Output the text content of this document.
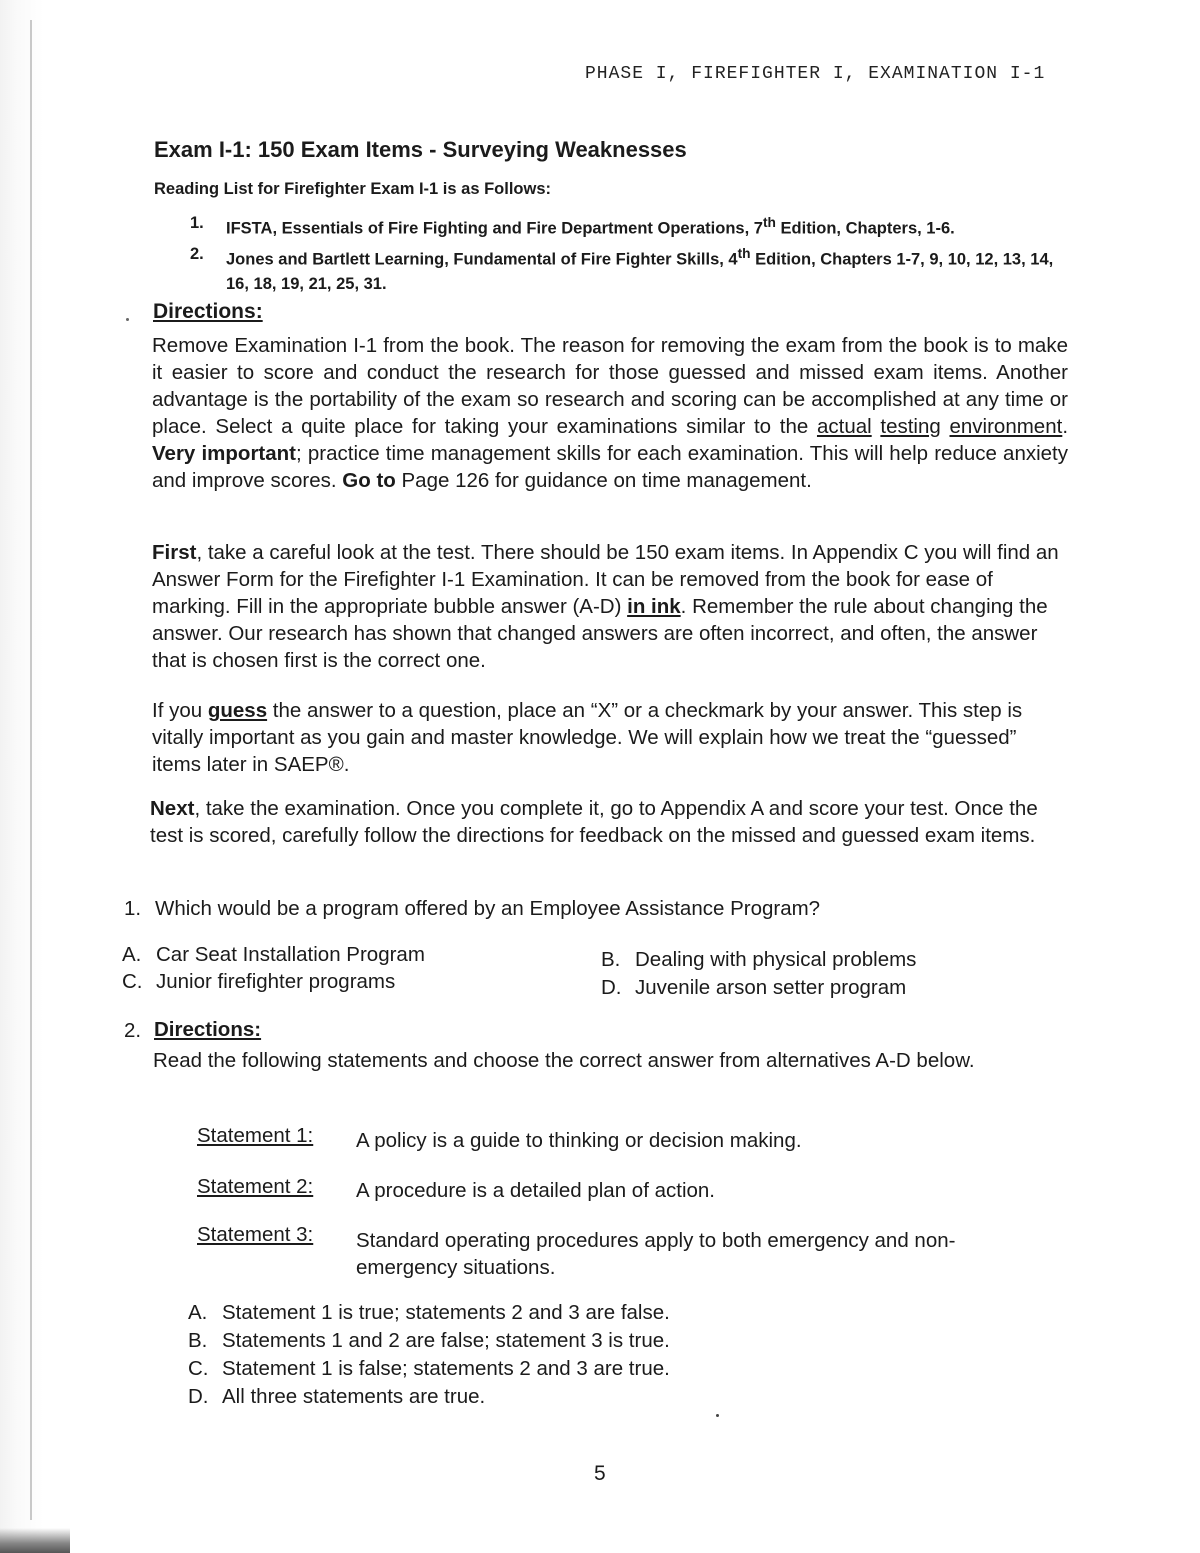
PHASE I, FIREFIGHTER I, EXAMINATION I-1
Exam I-1: 150 Exam Items - Surveying Weaknesses
Reading List for Firefighter Exam I-1 is as Follows:
1. IFSTA, Essentials of Fire Fighting and Fire Department Operations, 7th Edition, Chapters, 1-6.
2. Jones and Bartlett Learning, Fundamental of Fire Fighter Skills, 4th Edition, Chapters 1-7, 9, 10, 12, 13, 14, 16, 18, 19, 21, 25, 31.
Directions:
Remove Examination I-1 from the book. The reason for removing the exam from the book is to make it easier to score and conduct the research for those guessed and missed exam items. Another advantage is the portability of the exam so research and scoring can be accomplished at any time or place. Select a quite place for taking your examinations similar to the actual testing environment. Very important; practice time management skills for each examination. This will help reduce anxiety and improve scores. Go to Page 126 for guidance on time management.
First, take a careful look at the test. There should be 150 exam items. In Appendix C you will find an Answer Form for the Firefighter I-1 Examination. It can be removed from the book for ease of marking. Fill in the appropriate bubble answer (A-D) in ink. Remember the rule about changing the answer. Our research has shown that changed answers are often incorrect, and often, the answer that is chosen first is the correct one.
If you guess the answer to a question, place an “X” or a checkmark by your answer. This step is vitally important as you gain and master knowledge. We will explain how we treat the “guessed” items later in SAEP®.
Next, take the examination. Once you complete it, go to Appendix A and score your test. Once the test is scored, carefully follow the directions for feedback on the missed and guessed exam items.
1. Which would be a program offered by an Employee Assistance Program?
A. Car Seat Installation Program	B. Dealing with physical problems
C. Junior firefighter programs	D. Juvenile arson setter program
2. Directions:
Read the following statements and choose the correct answer from alternatives A-D below.
Statement 1: A policy is a guide to thinking or decision making.
Statement 2: A procedure is a detailed plan of action.
Statement 3: Standard operating procedures apply to both emergency and non-emergency situations.
A. Statement 1 is true; statements 2 and 3 are false.
B. Statements 1 and 2 are false; statement 3 is true.
C. Statement 1 is false; statements 2 and 3 are true.
D. All three statements are true.
5
